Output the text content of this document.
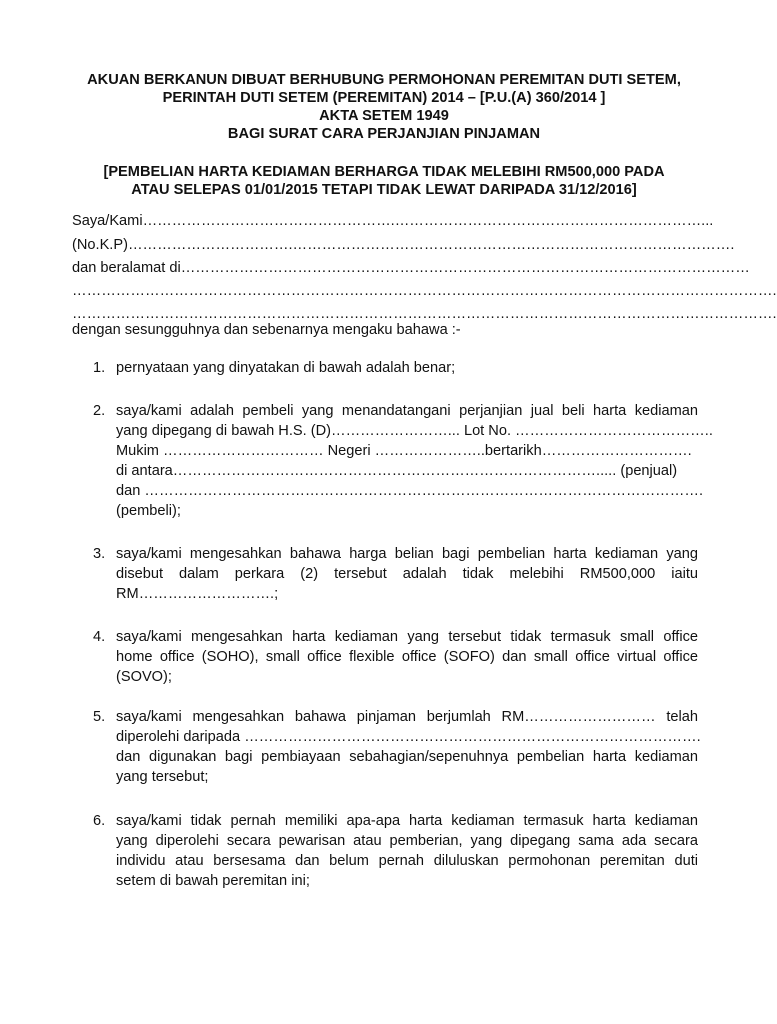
AKUAN BERKANUN DIBUAT BERHUBUNG PERMOHONAN PEREMITAN DUTI SETEM,
PERINTAH DUTI SETEM (PEREMITAN) 2014 – [P.U.(A) 360/2014 ]
AKTA SETEM 1949
BAGI SURAT CARA PERJANJIAN PINJAMAN
[PEMBELIAN HARTA KEDIAMAN BERHARGA TIDAK MELEBIHI RM500,000 PADA
ATAU SELEPAS 01/01/2015 TETAPI TIDAK LEWAT DARIPADA 31/12/2016]
Saya/Kami…………………………………………….………………………………………………………...
(No.K.P)…………………………….……………………………………………………………………………….
dan beralamat di………………………………………………………………………………………………………
……………………………………………………………………………………………………………………………….
……………………………………………………………………………………………………………………………….
dengan sesungguhnya dan sebenarnya mengaku bahawa :-
1. pernyataan yang dinyatakan di bawah adalah benar;
2. saya/kami adalah pembeli yang menandatangani perjanjian jual beli harta kediaman
yang dipegang di bawah H.S. (D)……………………... Lot No. …………………………………..
Mukim …………………………… Negeri …………………..bertarikh………………………….
di antara……………………………………………………………………………..... (penjual)
dan …………………………………………………………………………………………………….
(pembeli);
3. saya/kami mengesahkan bahawa harga belian bagi pembelian harta kediaman yang
disebut dalam perkara (2) tersebut adalah tidak melebihi RM500,000 iaitu
RM……………………….;
4. saya/kami mengesahkan harta kediaman yang tersebut tidak termasuk small office
home office (SOHO), small office flexible office (SOFO) dan small office virtual office
(SOVO);
5. saya/kami mengesahkan bahawa pinjaman berjumlah RM……………………… telah
diperolehi daripada ………………………………………………………………………………….
dan digunakan bagi pembiayaan sebahagian/sepenuhnya pembelian harta kediaman
yang tersebut;
6. saya/kami tidak pernah memiliki apa-apa harta kediaman termasuk harta kediaman
yang diperolehi secara pewarisan atau pemberian, yang dipegang sama ada secara
individu atau bersesama dan belum pernah diluluskan permohonan peremitan duti
setem di bawah peremitan ini;
